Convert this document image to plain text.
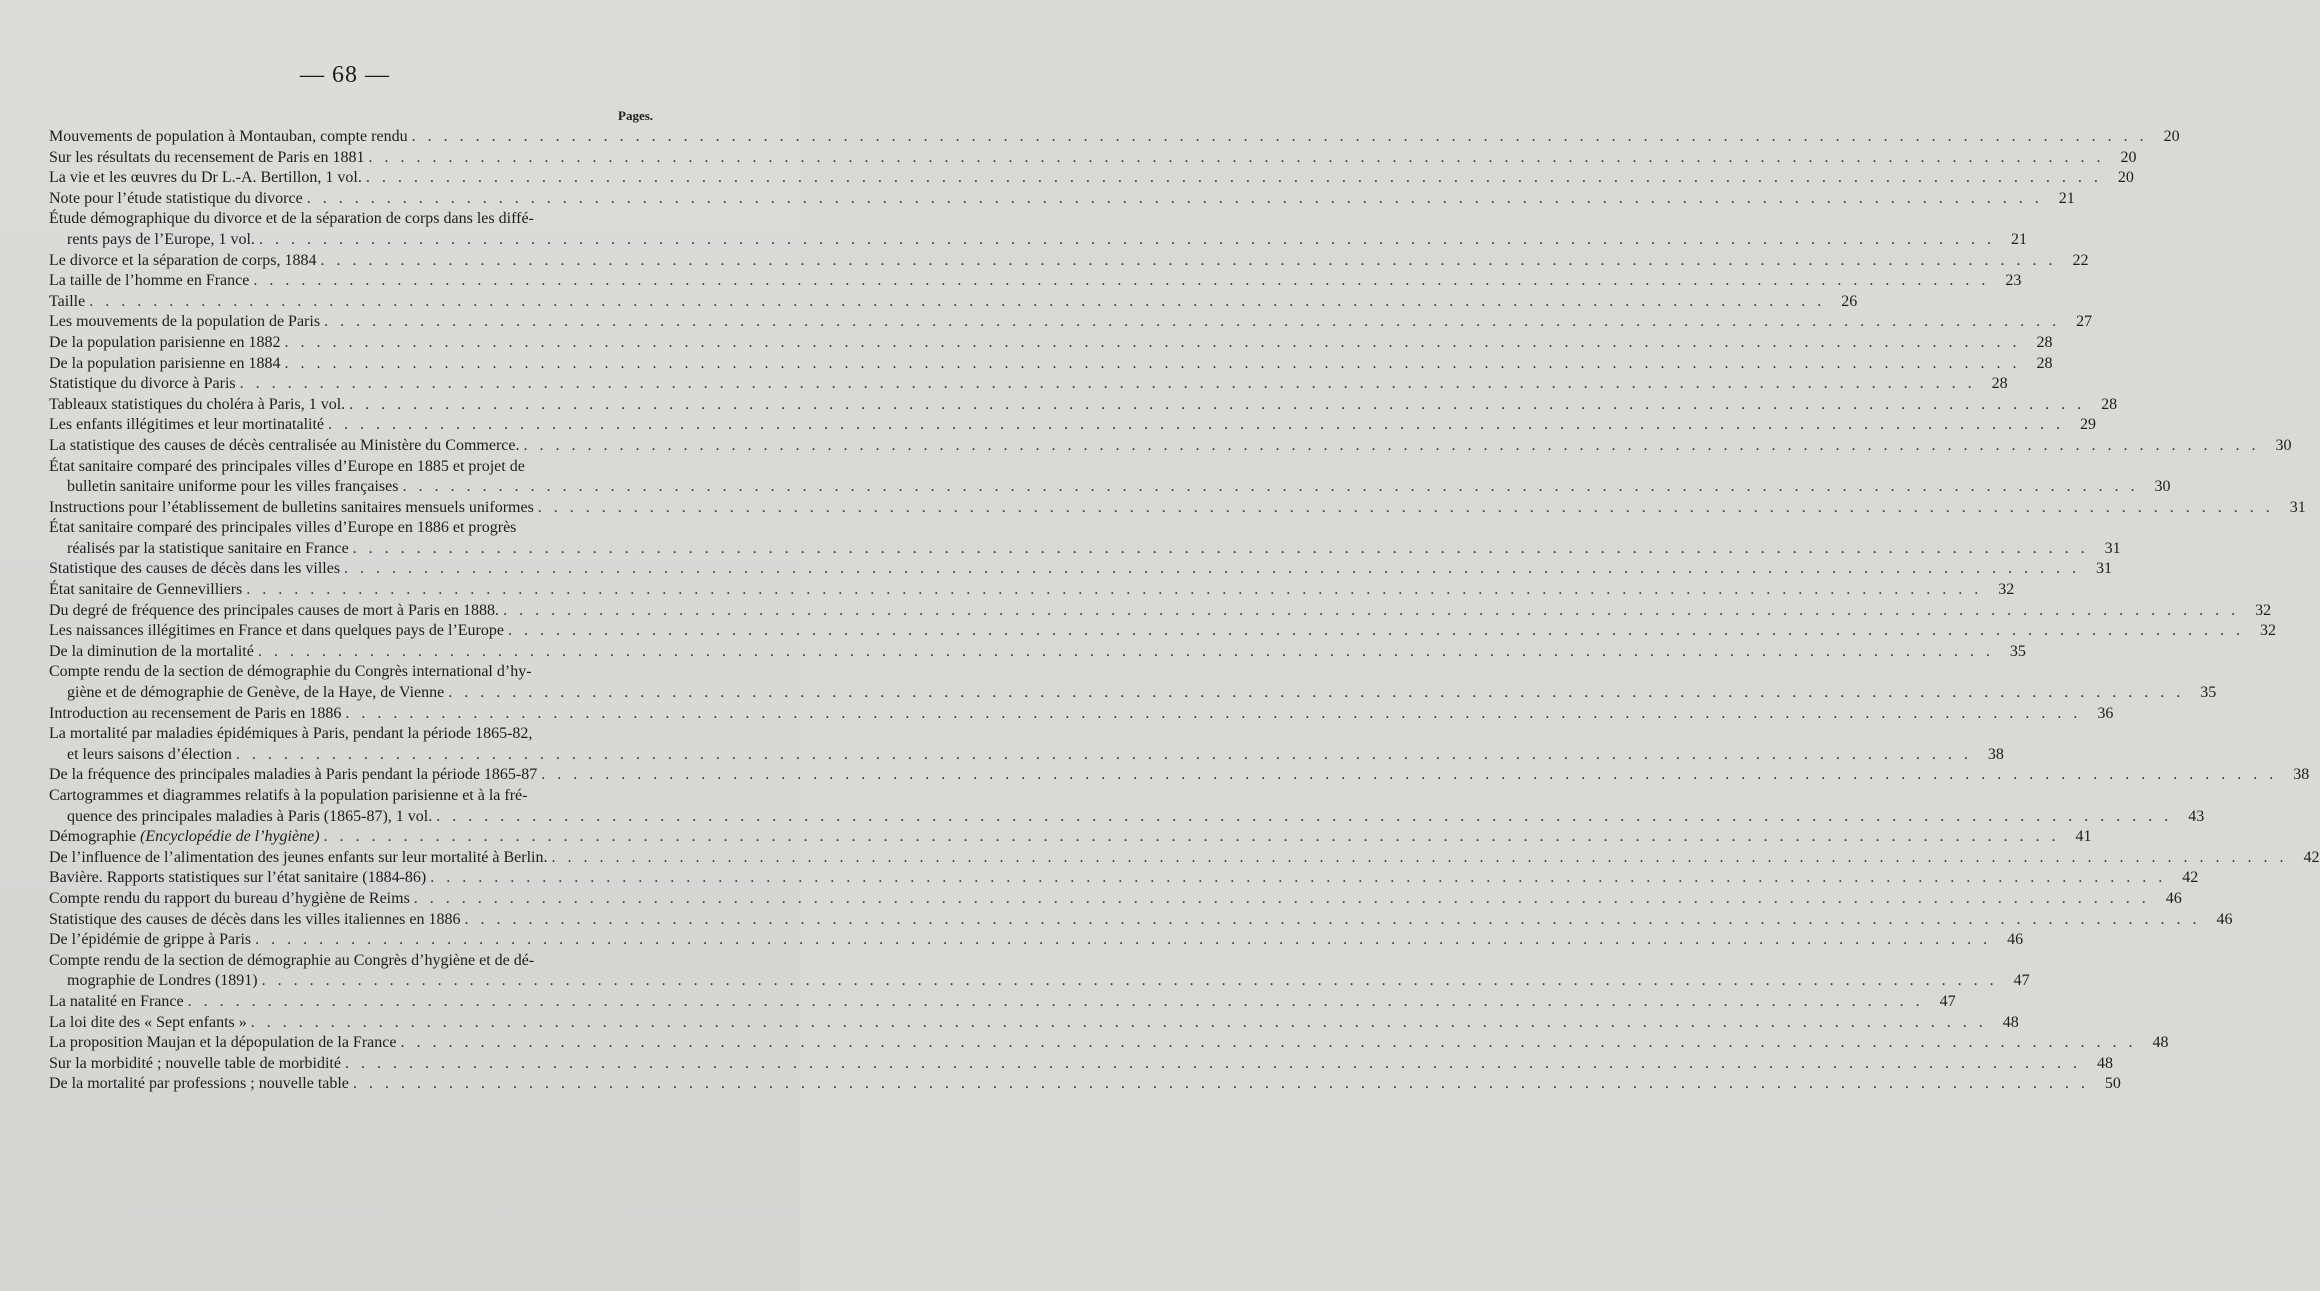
— 68 —
Pages.
Mouvements de population à Montauban, compte rendu . . .	20
Sur les résultats du recensement de Paris en 1881 . . .	20
La vie et les œuvres du Dr L.-A. Bertillon, 1 vol. . . .	20
Note pour l’étude statistique du divorce . . .	21
Étude démographique du divorce et de la séparation de corps dans les diffé-
rents pays de l’Europe, 1 vol. . . .	21
Le divorce et la séparation de corps, 1884 . . .	22
La taille de l’homme en France . . .	23
Taille . . .	26
Les mouvements de la population de Paris . . .	27
De la population parisienne en 1882 . . .	28
De la population parisienne en 1884 . . .	28
Statistique du divorce à Paris . . .	28
Tableaux statistiques du choléra à Paris, 1 vol. . . .	28
Les enfants illégitimes et leur mortinatalité . . .	29
La statistique des causes de décès centralisée au Ministère du Commerce. . . .	30
État sanitaire comparé des principales villes d’Europe en 1885 et projet de
bulletin sanitaire uniforme pour les villes françaises . . .	30
Instructions pour l’établissement de bulletins sanitaires mensuels uniformes . . .	31
État sanitaire comparé des principales villes d’Europe en 1886 et progrès
réalisés par la statistique sanitaire en France . . .	31
Statistique des causes de décès dans les villes . . .	31
État sanitaire de Gennevilliers . . .	32
Du degré de fréquence des principales causes de mort à Paris en 1888. . . .	32
Les naissances illégitimes en France et dans quelques pays de l’Europe . . .	32
De la diminution de la mortalité . . .	35
Compte rendu de la section de démographie du Congrès international d’hy-
giène et de démographie de Genève, de la Haye, de Vienne . . .	35
Introduction au recensement de Paris en 1886 . . .	36
La mortalité par maladies épidémiques à Paris, pendant la période 1865-82,
et leurs saisons d’élection . . .	38
De la fréquence des principales maladies à Paris pendant la période 1865-87 . . .	38
Cartogrammes et diagrammes relatifs à la population parisienne et à la fré-
quence des principales maladies à Paris (1865-87), 1 vol. . . .	43
Démographie (Encyclopédie de l’hygiène) . . .	41
De l’influence de l’alimentation des jeunes enfants sur leur mortalité à Berlin. . . .	42
Bavière. Rapports statistiques sur l’état sanitaire (1884-86) . . .	42
Compte rendu du rapport du bureau d’hygiène de Reims . . .	46
Statistique des causes de décès dans les villes italiennes en 1886 . . .	46
De l’épidémie de grippe à Paris . . .	46
Compte rendu de la section de démographie au Congrès d’hygiène et de dé-
mographie de Londres (1891) . . .	47
La natalité en France . . .	47
La loi dite des « Sept enfants » . . .	48
La proposition Maujan et la dépopulation de la France . . .	48
Sur la morbidité ; nouvelle table de morbidité . . .	48
De la mortalité par professions ; nouvelle table . . .	50
